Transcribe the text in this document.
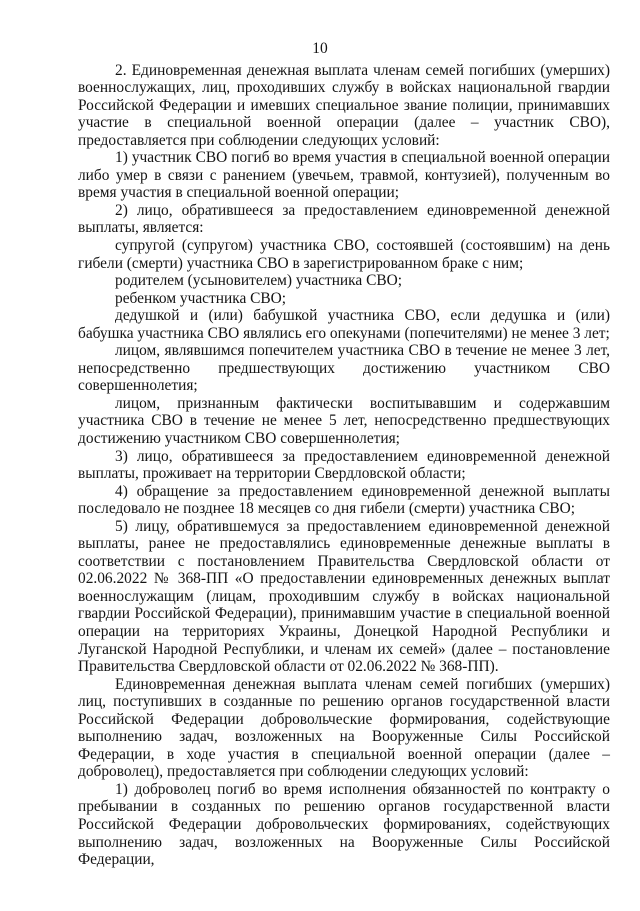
10

2. Единовременная денежная выплата членам семей погибших (умерших) военнослужащих, лиц, проходивших службу в войсках национальной гвардии Российской Федерации и имевших специальное звание полиции, принимавших участие в специальной военной операции (далее – участник СВО), предоставляется при соблюдении следующих условий:

1) участник СВО погиб во время участия в специальной военной операции либо умер в связи с ранением (увечьем, травмой, контузией), полученным во время участия в специальной военной операции;

2) лицо, обратившееся за предоставлением единовременной денежной выплаты, является:

супругой (супругом) участника СВО, состоявшей (состоявшим) на день гибели (смерти) участника СВО в зарегистрированном браке с ним;

родителем (усыновителем) участника СВО;

ребенком участника СВО;

дедушкой и (или) бабушкой участника СВО, если дедушка и (или) бабушка участника СВО являлись его опекунами (попечителями) не менее 3 лет;

лицом, являвшимся попечителем участника СВО в течение не менее 3 лет, непосредственно предшествующих достижению участником СВО совершеннолетия;

лицом, признанным фактически воспитывавшим и содержавшим участника СВО в течение не менее 5 лет, непосредственно предшествующих достижению участником СВО совершеннолетия;

3) лицо, обратившееся за предоставлением единовременной денежной выплаты, проживает на территории Свердловской области;

4) обращение за предоставлением единовременной денежной выплаты последовало не позднее 18 месяцев со дня гибели (смерти) участника СВО;

5) лицу, обратившемуся за предоставлением единовременной денежной выплаты, ранее не предоставлялись единовременные денежные выплаты в соответствии с постановлением Правительства Свердловской области от 02.06.2022 № 368-ПП «О предоставлении единовременных денежных выплат военнослужащим (лицам, проходившим службу в войсках национальной гвардии Российской Федерации), принимавшим участие в специальной военной операции на территориях Украины, Донецкой Народной Республики и Луганской Народной Республики, и членам их семей» (далее – постановление Правительства Свердловской области от 02.06.2022 № 368-ПП).

Единовременная денежная выплата членам семей погибших (умерших) лиц, поступивших в созданные по решению органов государственной власти Российской Федерации добровольческие формирования, содействующие выполнению задач, возложенных на Вооруженные Силы Российской Федерации, в ходе участия в специальной военной операции (далее – доброволец), предоставляется при соблюдении следующих условий:

1) доброволец погиб во время исполнения обязанностей по контракту о пребывании в созданных по решению органов государственной власти Российской Федерации добровольческих формированиях, содействующих выполнению задач, возложенных на Вооруженные Силы Российской Федерации,
